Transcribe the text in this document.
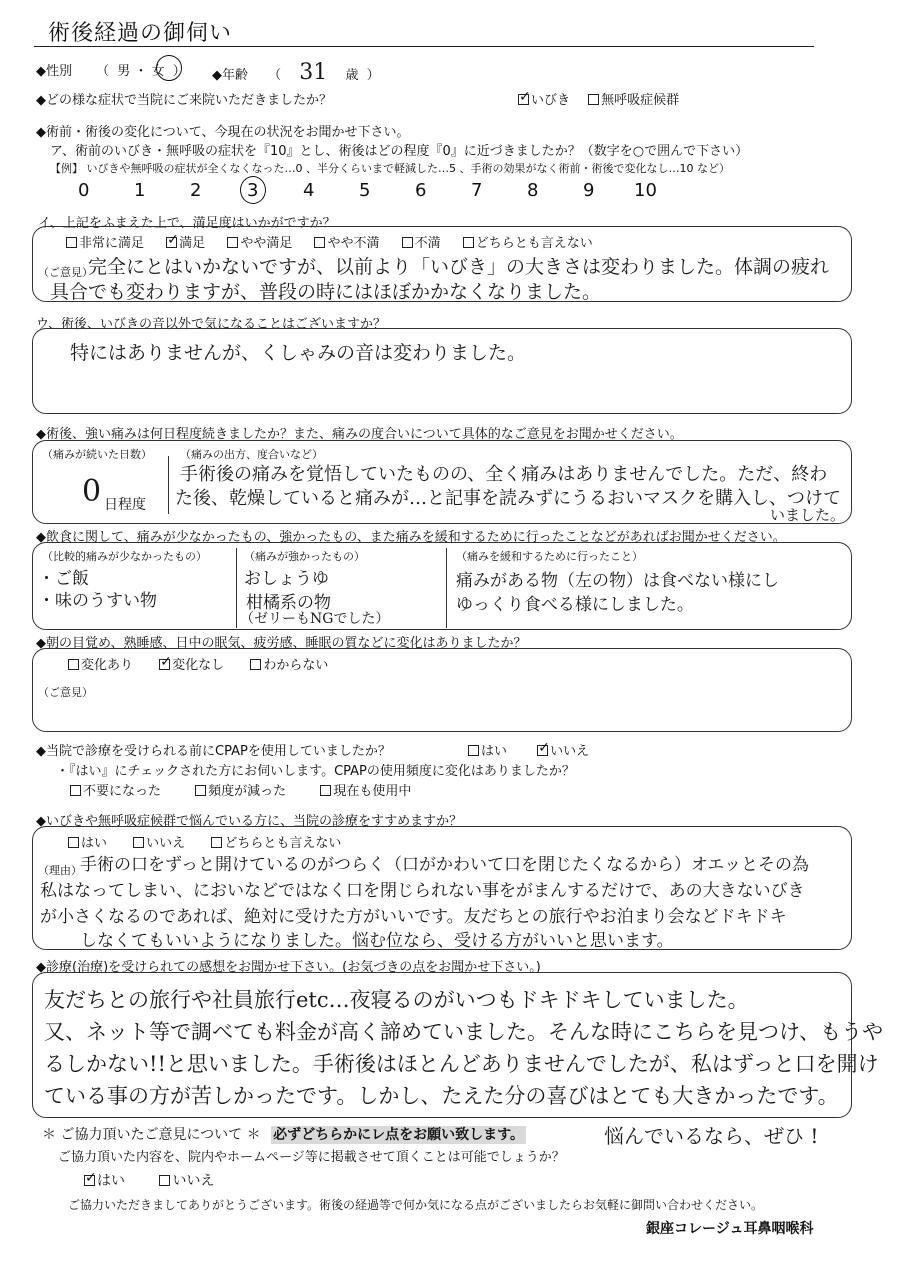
術後経過の御伺い
◆性別 （ 男 ・ 女 ） ◆年齢 （ 31 歳 ）
◆どの様な症状で当院にご来院いただきましたか？ ✓	いびき 無呼吸症候群
◆術前・術後の変化について、今現在の状況をお聞かせ下さい。
ア、術前のいびき・無呼吸の症状を『10』とし、術後はどの程度『0』に近づきましたか？（数字を○で囲んで下さい）
【例】 いびきや無呼吸の症状が全くなくなった…0 、半分くらいまで軽減した…5 、手術の効果がなく術前・術後で変化なし…10 など）
0 1 2	3 4 5 6 7 8 9 10
イ、上記をふまえた上で、満足度はいかがですか？
非常に満足 ✓	満足	やや満足	やや不満	不満	どちらとも言えない
（ご意見）
完全にとはいかないですが、以前より「いびき」の大きさは変わりました。体調の疲れ
具合でも変わりますが、普段の時にはほぼかかなくなりました。
ウ、術後、いびきの音以外で気になることはございますか？
特にはありませんが、くしゃみの音は変わりました。
◆術後、強い痛みは何日程度続きましたか？また、痛みの度合いについて具体的なご意見をお聞かせください。
（痛みが続いた日数）
0 日程度
（痛みの出方、度合いなど）
手術後の痛みを覚悟していたものの、全く痛みはありませんでした。ただ、終わ
た後、乾燥していると痛みが…と記事を読みずにうるおいマスクを購入し、つけて
いました。
◆飲食に関して、痛みが少なかったもの、強かったもの、また痛みを緩和するために行ったことなどがあればお聞かせください。
（比較的痛みが少なかったもの）
・ご飯
・味のうすい物
（痛みが強かったもの）
おしょうゆ
柑橘系の物
（ゼリーもNGでした）
（痛みを緩和するために行ったこと）
痛みがある物（左の物）は食べない様にし
ゆっくり食べる様にしました。
◆朝の目覚め、熟睡感、日中の眠気、疲労感、睡眠の質などに変化はありましたか？
変化あり ✓	変化なし	わからない
（ご意見）
◆当院で診療を受けられる前にCPAPを使用していましたか？	はい ✓	いいえ
・『はい』にチェックされた方にお伺いします。CPAPの使用頻度に変化はありましたか？
不要になった	頻度が減った	現在も使用中
◆いびきや無呼吸症候群で悩んでいる方に、当院の診療をすすめますか？
はい	いいえ	どちらとも言えない
（理由）
手術の口をずっと開けているのがつらく（口がかわいて口を閉じたくなるから）オエッとその為
私はなってしまい、においなどではなく口を閉じられない事をがまんするだけで、あの大きないびき
が小さくなるのであれば、絶対に受けた方がいいです。友だちとの旅行やお泊まり会などドキドキ
しなくてもいいようになりました。悩む位なら、受ける方がいいと思います。
◆診療(治療)を受けられての感想をお聞かせ下さい。(お気づきの点をお聞かせ下さい。)
友だちとの旅行や社員旅行etc…夜寝るのがいつもドキドキしていました。
又、ネット等で調べても料金が高く諦めていました。そんな時にこちらを見つけ、もうや
るしかない!!と思いました。手術後はほとんどありませんでしたが、私はずっと口を開け
ている事の方が苦しかったです。しかし、たえた分の喜びはとても大きかったです。
＊ ご協力頂いたご意見について ＊ 必ずどちらかにレ点をお願い致します。	悩んでいるなら、ぜひ !
ご協力頂いた内容を、院内やホームページ等に掲載させて頂くことは可能でしょうか？
✓はい	いいえ
ご協力いただきましてありがとうございます。術後の経過等で何か気になる点がございましたらお気軽に御問い合わせください。
銀座コレージュ耳鼻咽喉科
